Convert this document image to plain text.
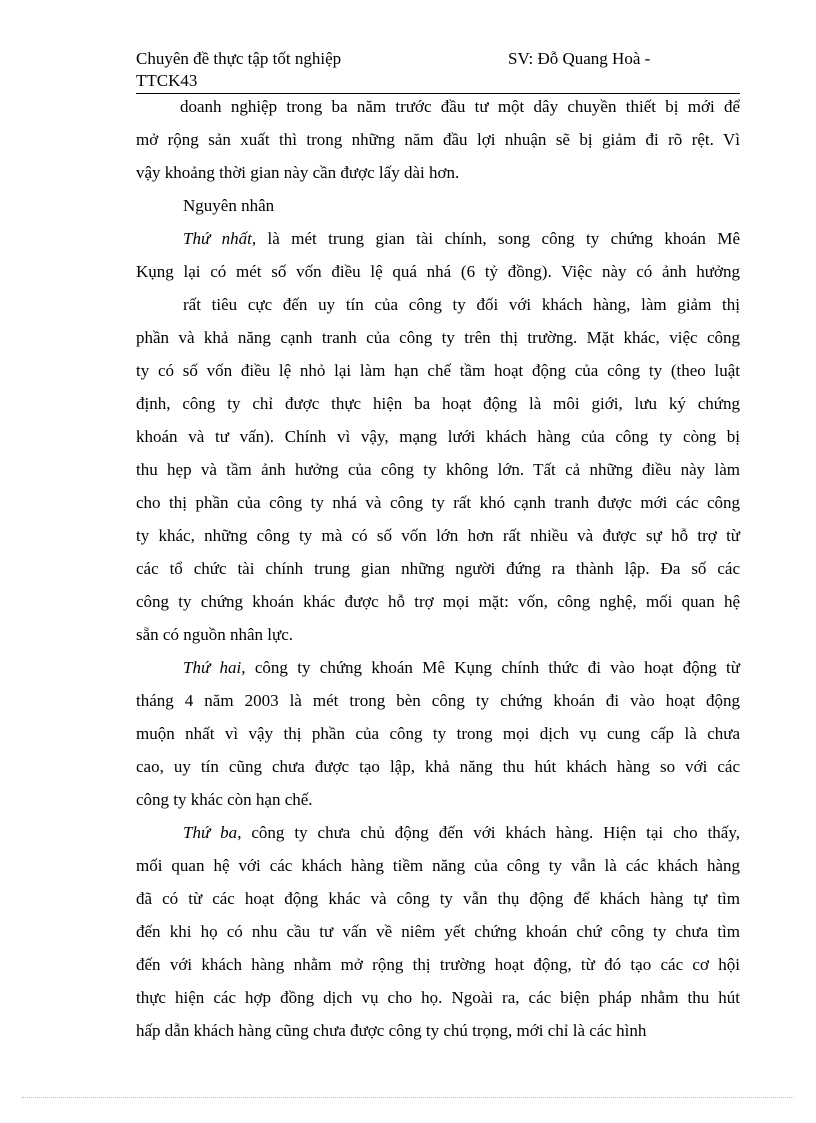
Chuyên đề thực tập tốt nghiệp	SV: Đỗ Quang Hoà -
TTCK43
doanh nghiệp trong ba năm trước đầu tư một dây chuyền thiết bị mới để
mở rộng sản xuất thì trong những năm đầu lợi nhuận sẽ bị giảm đi rõ rệt. Vì
vậy khoảng thời gian này cần được lấy dài hơn.
Nguyên nhân
Thứ nhất, là mét trung gian tài chính, song công ty chứng khoán Mê
Kụng lại có mét số vốn điều lệ quá nhá (6 tỷ đồng). Việc này có ảnh hưởng
rất tiêu cực đến uy tín của công ty đối với khách hàng, làm giảm thị
phần và khả năng cạnh tranh của công ty trên thị trường. Mặt khác, việc công
ty có số vốn điều lệ nhỏ lại làm hạn chế tầm hoạt động của công ty (theo luật
định, công ty chỉ được thực hiện ba hoạt động là môi giới, lưu ký chứng
khoán và tư vấn). Chính vì vậy, mạng lưới khách hàng của công ty còng bị
thu hẹp và tầm ảnh hưởng của công ty không lớn. Tất cả những điều này làm
cho thị phần của công ty nhá và công ty rất khó cạnh tranh được mới các công
ty khác, những công ty mà có số vốn lớn hơn rất nhiều và được sự hỗ trợ từ
các tổ chức tài chính trung gian những người đứng ra thành lập. Đa số các
công ty chứng khoán khác được hỗ trợ mọi mặt: vốn, công nghệ, mối quan hệ
sẵn có nguồn nhân lực.
Thứ hai, công ty chứng khoán Mê Kụng chính thức đi vào hoạt động từ
tháng 4 năm 2003 là mét trong bèn công ty chứng khoán đi vào hoạt động
muộn nhất vì vậy thị phần của công ty trong mọi dịch vụ cung cấp là chưa
cao, uy tín cũng chưa được tạo lập, khả năng thu hút khách hàng so với các
công ty khác còn hạn chế.
Thứ ba, công ty chưa chủ động đến với khách hàng. Hiện tại cho thấy,
mối quan hệ với các khách hàng tiềm năng của công ty vẫn là các khách hàng
đã có từ các hoạt động khác và công ty vẫn thụ động để khách hàng tự tìm
đến khi họ có nhu cầu tư vấn về niêm yết chứng khoán chứ công ty chưa tìm
đến với khách hàng nhằm mở rộng thị trường hoạt động, từ đó tạo các cơ hội
thực hiện các hợp đồng dịch vụ cho họ. Ngoài ra, các biện pháp nhằm thu hút
hấp dẫn khách hàng cũng chưa được công ty chú trọng, mới chỉ là các hình
